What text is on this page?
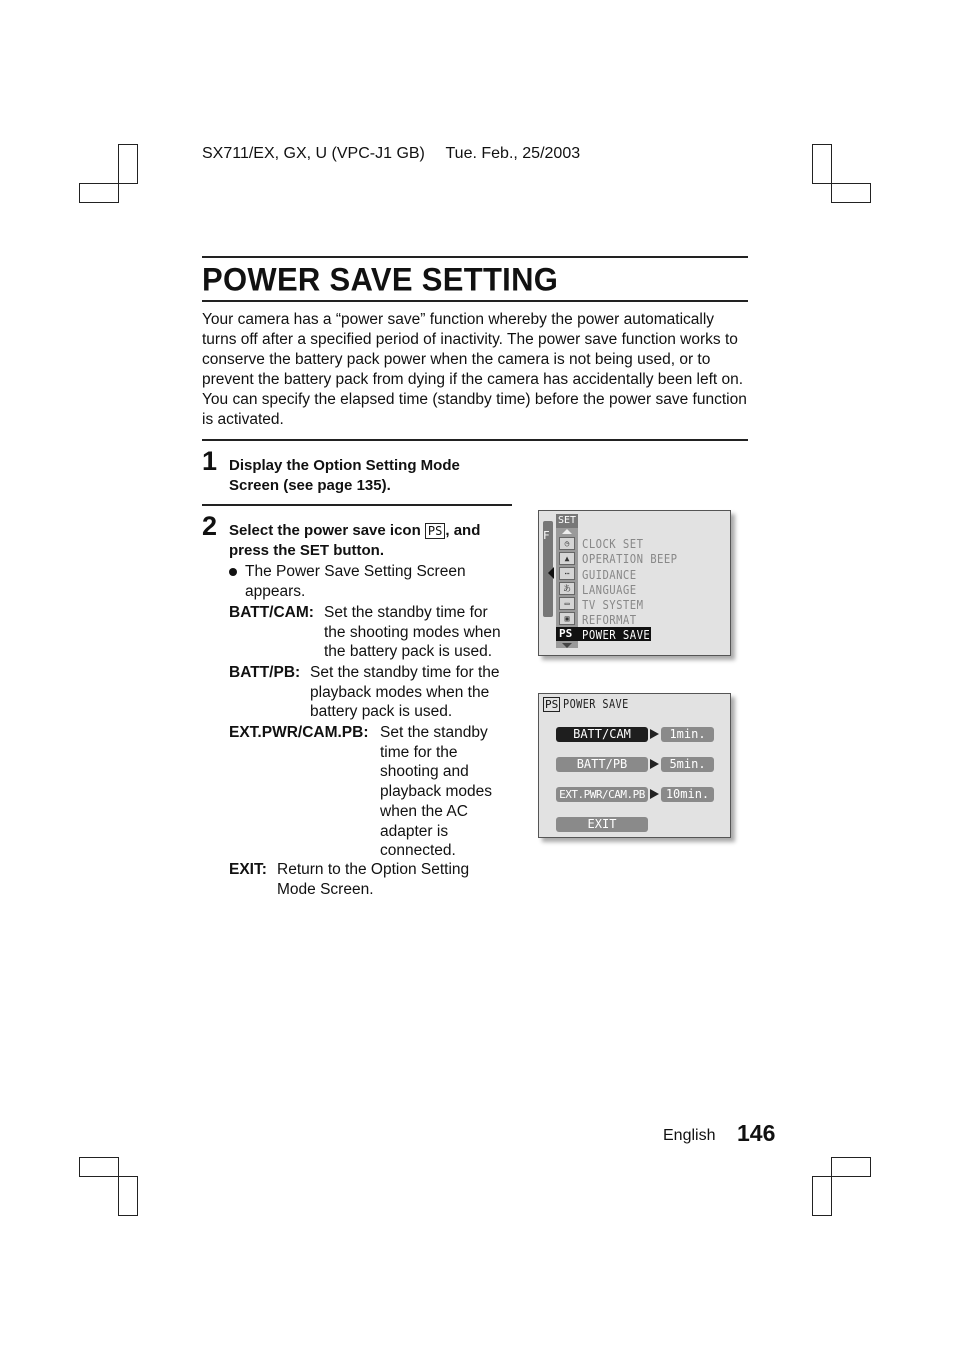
SX711/EX, GX, U (VPC-J1 GB) Tue. Feb., 25/2003
POWER SAVE SETTING
Your camera has a “power save” function whereby the power automatically turns off after a specified period of inactivity. The power save function works to conserve the battery pack power when the camera is not being used, or to prevent the battery pack from dying if the camera has accidentally been left on. You can specify the elapsed time (standby time) before the power save function is activated.
1 Display the Option Setting Mode Screen (see page 135).
2 Select the power save icon PS , and press the SET button.
The Power Save Setting Screen appears.
BATT/CAM: Set the standby time for the shooting modes when the battery pack is used.
BATT/PB: Set the standby time for the playback modes when the battery pack is used.
EXT.PWR/CAM.PB: Set the standby time for the shooting and playback modes when the AC adapter is connected.
EXIT: Return to the Option Setting Mode Screen.
F
SET
◷
▲
⋯
あ
▭
▣
PS
CLOCK SET
OPERATION BEEP
GUIDANCE
LANGUAGE
TV SYSTEM
REFORMAT
POWER SAVE
PS POWER SAVE
BATT/CAM	1min.
BATT/PB	5min.
EXT.PWR/CAM.PB	10min.
EXIT
English 146
